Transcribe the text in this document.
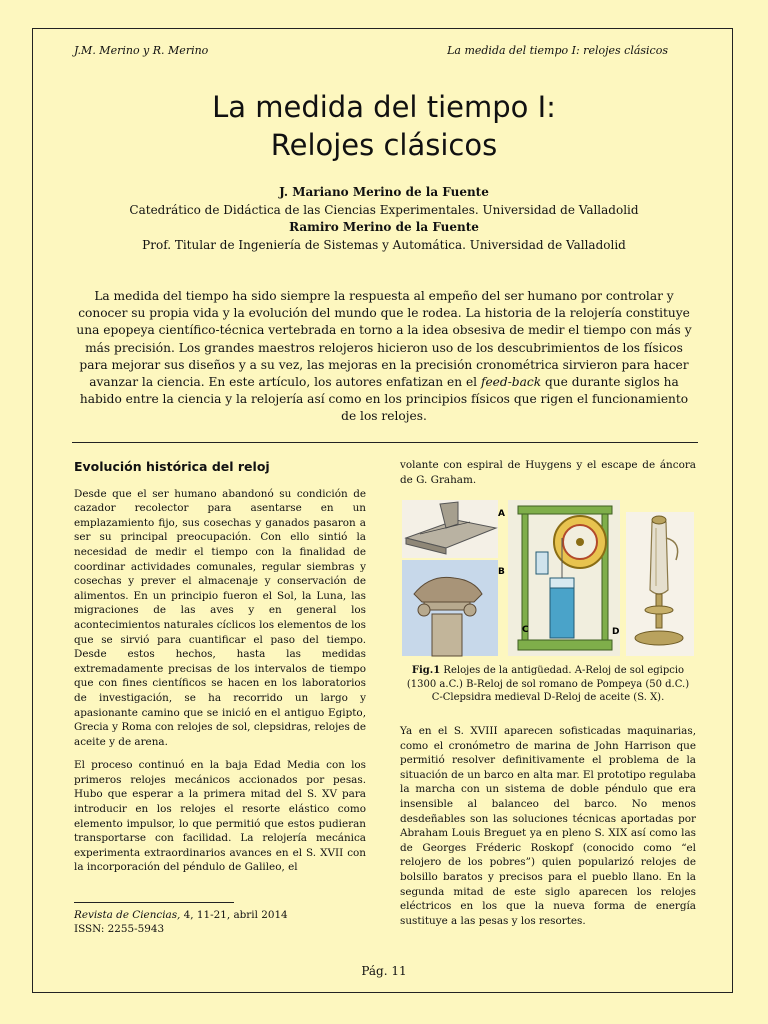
J.M. Merino y R. Merino	La medida del tiempo I: relojes clásicos
La medida del tiempo I:
Relojes clásicos
J. Mariano Merino de la Fuente
Catedrático de Didáctica de las Ciencias Experimentales. Universidad de Valladolid
Ramiro Merino de la Fuente
Prof. Titular de Ingeniería de Sistemas y Automática. Universidad de Valladolid
La medida del tiempo ha sido siempre la respuesta al empeño del ser humano por controlar y conocer su propia vida y la evolución del mundo que le rodea. La historia de la relojería constituye una epopeya científico-técnica vertebrada en torno a la idea obsesiva de medir el tiempo con más y más precisión. Los grandes maestros relojeros hicieron uso de los descubrimientos de los físicos para mejorar sus diseños y a su vez, las mejoras en la precisión cronométrica sirvieron para hacer avanzar la ciencia. En este artículo, los autores enfatizan en el feed-back que durante siglos ha habido entre la ciencia y la relojería así como en los principios físicos que rigen el funcionamiento de los relojes.
Evolución histórica del reloj

Desde que el ser humano abandonó su condición de cazador recolector para asentarse en un emplazamiento fijo, sus cosechas y ganados pasaron a ser su principal preocupación. Con ello sintió la necesidad de medir el tiempo con la finalidad de coordinar actividades comunales, regular siembras y cosechas y prever el almacenaje y conservación de alimentos. En un principio fueron el Sol, la Luna, las migraciones de las aves y en general los acontecimientos naturales cíclicos los elementos de los que se sirvió para cuantificar el paso del tiempo. Desde estos hechos, hasta las medidas extremadamente precisas de los intervalos de tiempo que con fines científicos se hacen en los laboratorios de investigación, se ha recorrido un largo y apasionante camino que se inició en el antiguo Egipto, Grecia y Roma con relojes de sol, clepsidras, relojes de aceite y de arena.

El proceso continuó en la baja Edad Media con los primeros relojes mecánicos accionados por pesas. Hubo que esperar a la primera mitad del S. XV para introducir en los relojes el resorte elástico como elemento impulsor, lo que permitió que estos pudieran transportarse con facilidad. La relojería mecánica experimenta extraordinarios avances en el S. XVII con la incorporación del péndulo de Galileo, el

volante con espiral de Huygens y el escape de áncora de G. Graham.

A
B
C	D
Fig.1 Relojes de la antigüedad. A-Reloj de sol egipcio (1300 a.C.) B-Reloj de sol romano de Pompeya (50 d.C.) C-Clepsidra medieval D-Reloj de aceite (S. X).

Ya en el S. XVIII aparecen sofisticadas maquinarias, como el cronómetro de marina de John Harrison que permitió resolver definitivamente el problema de la situación de un barco en alta mar. El prototipo regulaba la marcha con un sistema de doble péndulo que era insensible al balanceo del barco. No menos desdeñables son las soluciones técnicas aportadas por Abraham Louis Breguet ya en pleno S. XIX así como las de Georges Fréderic Roskopf (conocido como “el relojero de los pobres”) quien popularizó relojes de bolsillo baratos y precisos para el pueblo llano. En la segunda mitad de este siglo aparecen los relojes eléctricos en los que la nueva forma de energía sustituye a las pesas y los resortes.

Revista de Ciencias, 4, 11-21, abril 2014
ISSN: 2255-5943
Pág. 11
